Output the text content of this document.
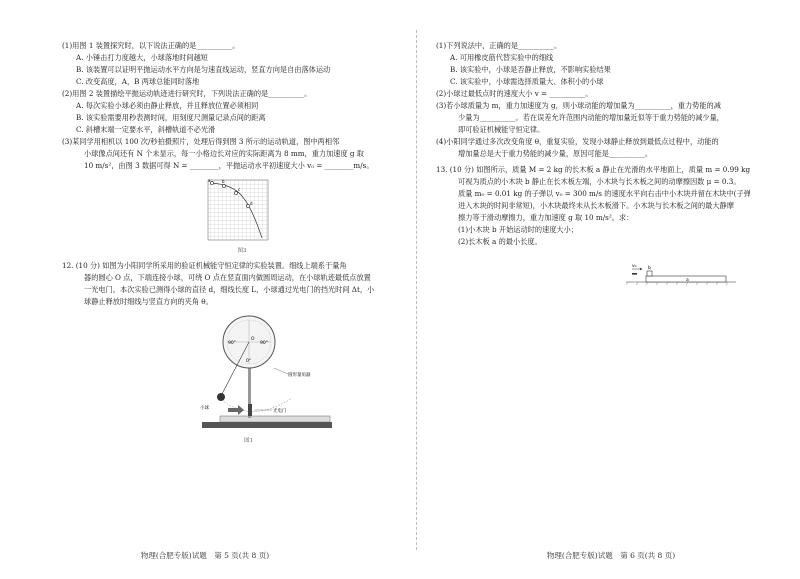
(1)用图 1 装置探究时，以下说法正确的是__________。

A. 小锤击打力度越大，小球落地时间越短

B. 该装置可以证明平抛运动水平方向是匀速直线运动，竖直方向是自由落体运动

C. 改变高度，A，B 两球总能同时落地

(2)用图 2 装置描绘平抛运动轨迹进行研究时，下列说法正确的是__________。

A. 每次实验小球必须由静止释放，并且释放位置必须相同

B. 该实验需要用秒表测时间，用刻度尺测量记录点间的距离

C. 斜槽末端一定要水平，斜槽轨道不必光滑

(3)某同学用相机以 100 次/秒拍摄照片，处理后得到图 3 所示的运动轨道，图中两相邻

小球像点间还有 N 个未显示，每一小格边长对应的实际距离为 8 mm，重力加速度 g 取

10 m/s²，由图 3 数据可得 N = ________，平抛运动水平初速度大小 v₀ = ________m/s。

a	b
c
d
图3

12. (10 分) 如图为小阳同学所采用的验证机械能守恒定律的实验装置。细线上端系于量角

器的圆心 O 点，下端连接小球，可绕 O 点在竖直面内做圆周运动，在小球轨迹最低点放置

一光电门。本次实验已测得小球的直径 d，细线长度 L，小球通过光电门的挡光时间 Δt，小

球静止释放时细线与竖直方向的夹角 θ。

90°	90°
0°
O
光电门
圆形量角器
小球
图1
物理(合肥专版)试题　第 5 页(共 8 页)

(1)下列说法中，正确的是__________。

A. 可用橡皮筋代替实验中的细线

B. 该实验中，小球是否静止释放，不影响实验结果

C. 该实验中，小球需选择质量大、体积小的小球

(2)小球过最低点时的速度大小 v = __________。

(3)若小球质量为 m，重力加速度为 g，则小球动能的增加量为__________，重力势能的减

少量为__________。若在误差允许范围内动能的增加量近似等于重力势能的减少量，

即可验证机械能守恒定律。

(4)小阳同学通过多次改变角度 θ，重复实验，发现小球静止释放到最低点过程中，动能的

增加量总是大于重力势能的减少量，原因可能是__________。

13. (10 分) 如图所示，质量 M = 2 kg 的长木板 a 静止在光滑的水平地面上，质量 m = 0.99 kg

可视为质点的小木块 b 静止在长木板左端，小木块与长木板之间的动摩擦因数 μ = 0.3。

质量 m₀ = 0.01 kg 的子弹以 v₀ = 300 m/s 的速度水平向右击中小木块并留在木块中(子弹

进入木块的时间非常短)，小木块最终未从长木板滑下。小木块与长木板之间的最大静摩

擦力等于滑动摩擦力，重力加速度 g 取 10 m/s²。求：

(1)小木块 b 开始运动时的速度大小；

(2)长木板 a 的最小长度。

v₀	b
a
物理(合肥专版)试题　第 6 页(共 8 页)
